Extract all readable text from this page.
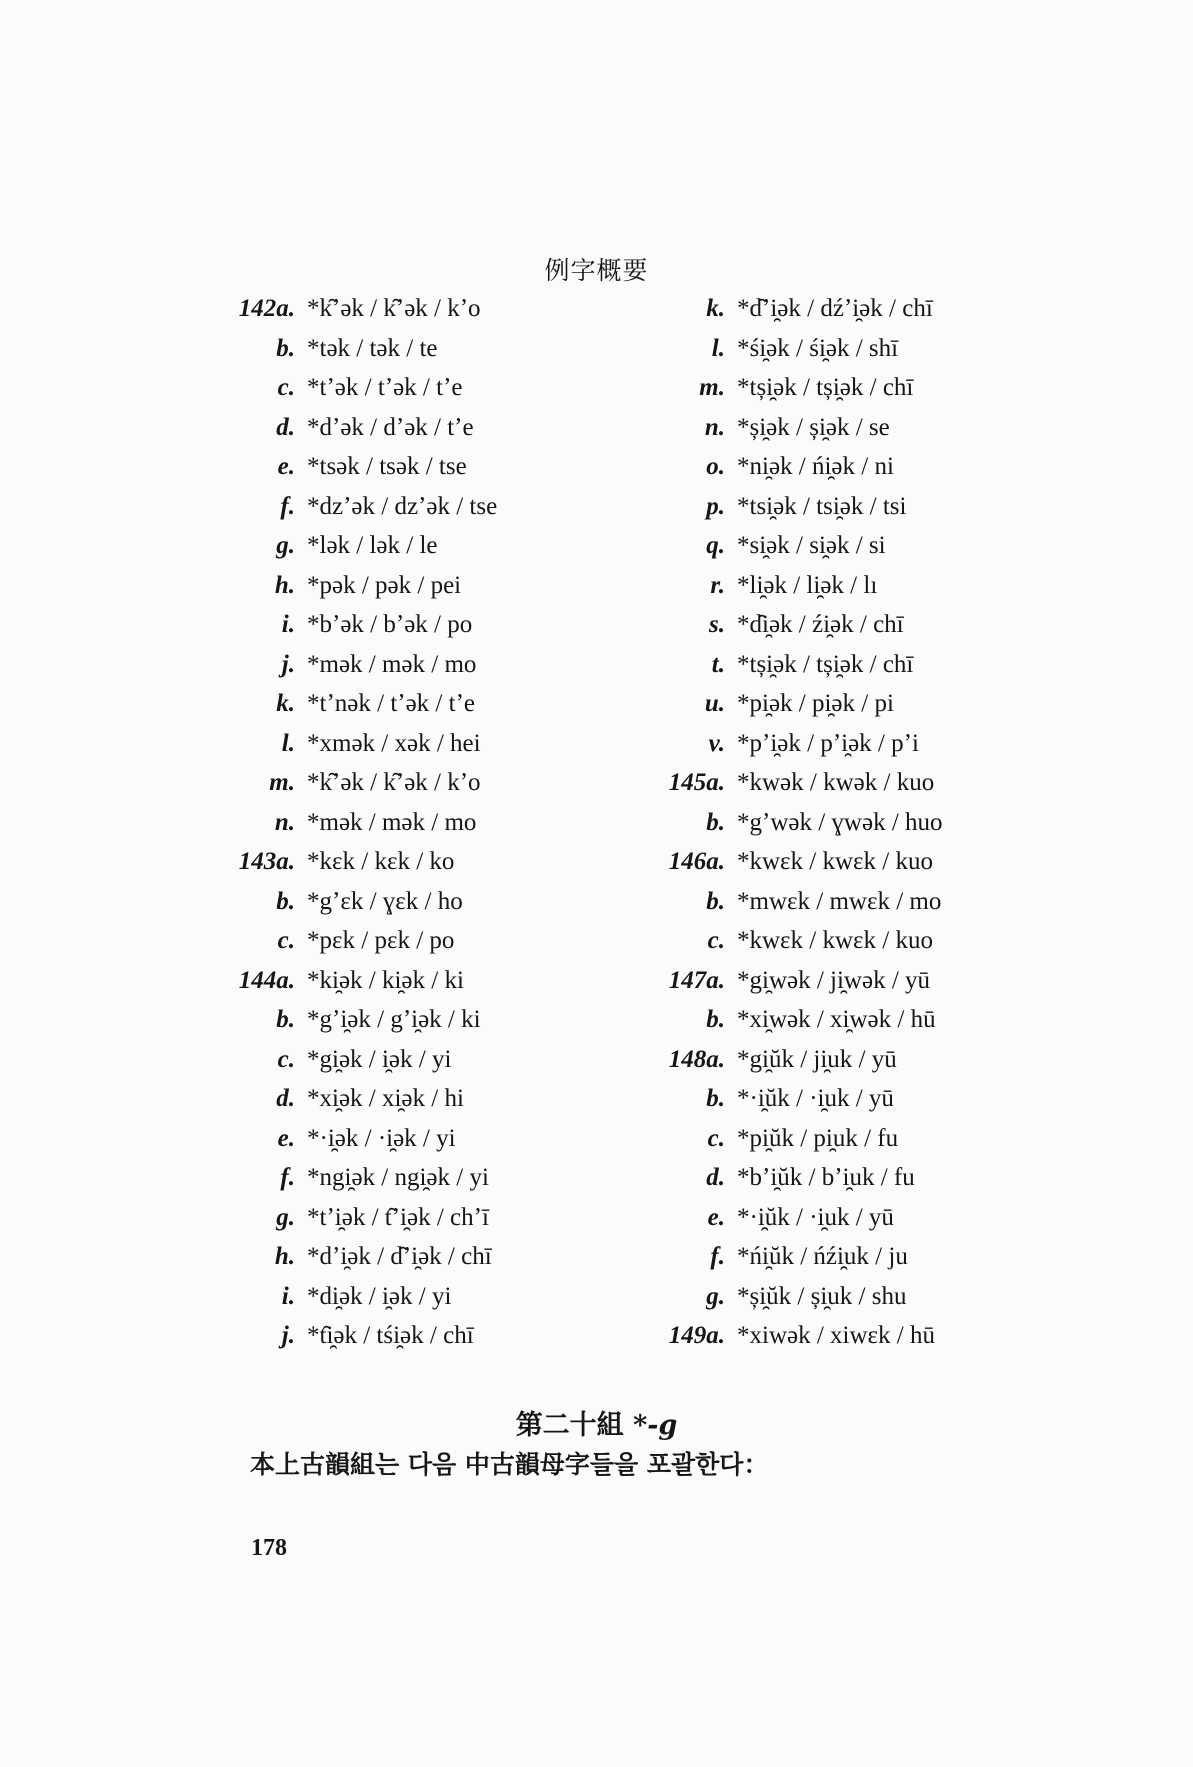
例字概要
142a. *k̑ʼək / k̑ʼək / kʼo
b. *tək / tək / te
c. *tʼək / tʼək / tʼe
d. *dʼək / dʼək / tʼe
e. *tsək / tsək / tse
f. *dzʼək / dzʼək / tse
g. *lək / lək / le
h. *pək / pək / pei
i. *bʼək / bʼək / po
j. *mək / mək / mo
k. *tʼnək / tʼək / tʼe
l. *xmək / xək / hei
m. *k̑ʼək / k̑ʼək / kʼo
n. *mək / mək / mo
143a. *kɛk / kɛk / ko
b. *gʼɛk / ɣɛk / ho
c. *pɛk / pɛk / po
144a. *ki̯ək / ki̯ək / ki
b. *gʼi̯ək / gʼi̯ək / ki
c. *gi̯ək / i̯ək / yi
d. *xi̯ək / xi̯ək / hi
e. *·i̯ək / ·i̯ək / yi
f. *ngi̯ək / ngi̯ək / yi
g. *tʼi̯ək / t̑ʼi̯ək / chʼī
h. *dʼi̯ək / d̑ʼi̯ək / chī
i. *di̯ək / i̯ək / yi
j. *t̑i̯ək / tśi̯ək / chī
k. *d̑ʼi̯ək / dźʼi̯ək / chī
l. *śi̯ək / śi̯ək / shī
m. *tși̯ək / tși̯ək / chī
n. *și̯ək / și̯ək / se
o. *ni̯ək / ńi̯ək / ni
p. *tsi̯ək / tsi̯ək / tsi
q. *si̯ək / si̯ək / si
r. *li̯ək / li̯ək / lı
s. *d̑i̯ək / źi̯ək / chī
t. *tși̯ək / tși̯ək / chī
u. *pi̯ək / pi̯ək / pi
v. *pʼi̯ək / pʼi̯ək / pʼi
145a. *kwək / kwək / kuo
b. *gʼwək / ɣwək / huo
146a. *kwɛk / kwɛk / kuo
b. *mwɛk / mwɛk / mo
c. *kwɛk / kwɛk / kuo
147a. *gi̯wək / ji̯wək / yū
b. *xi̯wək / xi̯wək / hū
148a. *gi̯ŭk / ji̯uk / yū
b. *·i̯ŭk / ·i̯uk / yū
c. *pi̯ŭk / pi̯uk / fu
d. *bʼi̯ŭk / bʼi̯uk / fu
e. *·i̯ŭk / ·i̯uk / yū
f. *ńi̯ŭk / ńźi̯uk / ju
g. *și̯ŭk / și̯uk / shu
149a. *xiwək / xiwɛk / hū
第二十組 *-g
本上古韻組는 다음 中古韻母字들을 포괄한다：
178
